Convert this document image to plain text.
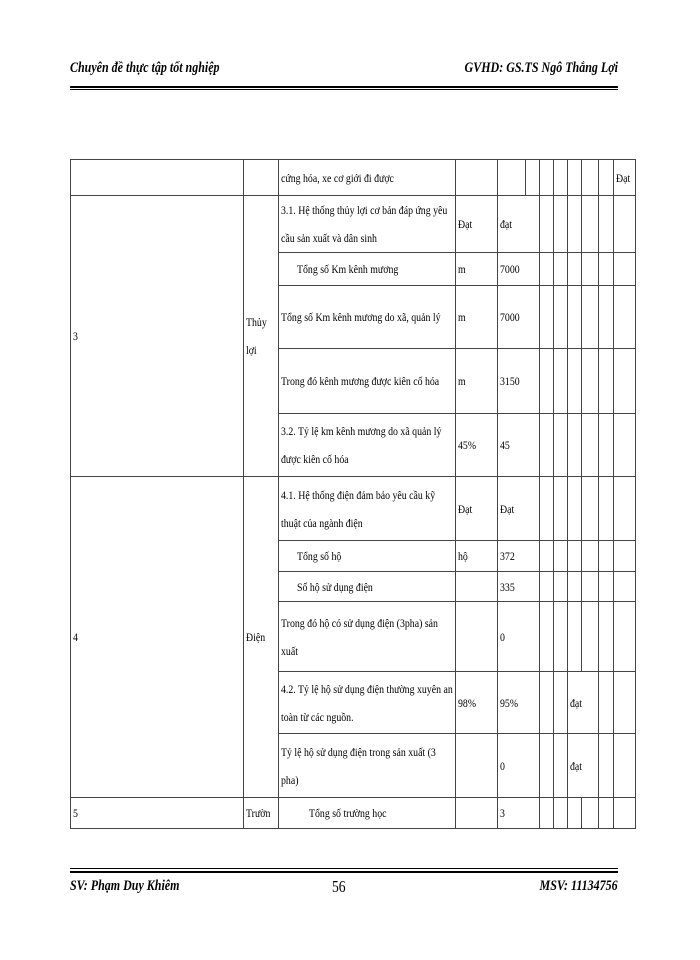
Chuyên đề thực tập tốt nghiệp	GVHD: GS.TS Ngô Thắng Lợi
		cứng hóa, xe cơ giới đi được									Đạt
3	Thủy lợi	3.1. Hệ thống thủy lợi cơ bản đáp ứng yêu cầu sản xuất và dân sinh	Đạt	đạt							
		Tổng số Km kênh mương	m	7000							
		Tổng số Km kênh mương do xã, quản lý	m	7000							
		Trong đó kênh mương được kiên cố hóa	m	3150							
		3.2. Tỷ lệ km kênh mương do xã quản lý được kiên cố hóa	45%	45							
4	Điện	4.1. Hệ thống điện đảm bảo yêu cầu kỹ thuật của ngành điện	Đạt	Đạt							
		Tổng số hộ	hộ	372							
		Số hộ sử dụng điện		335							
		Trong đó hộ có sử dụng điện (3pha) sản xuất		0							
		4.2. Tỷ lệ hộ sử dụng điện thường xuyên an toàn từ các nguồn.	98%	95%				đạt			
		Tỷ lệ hộ sử dụng điện trong sản xuất (3 pha)		0				đạt			
5	Trườn	Tổng số trường học		3							
SV: Phạm Duy Khiêm	56	MSV: 11134756
